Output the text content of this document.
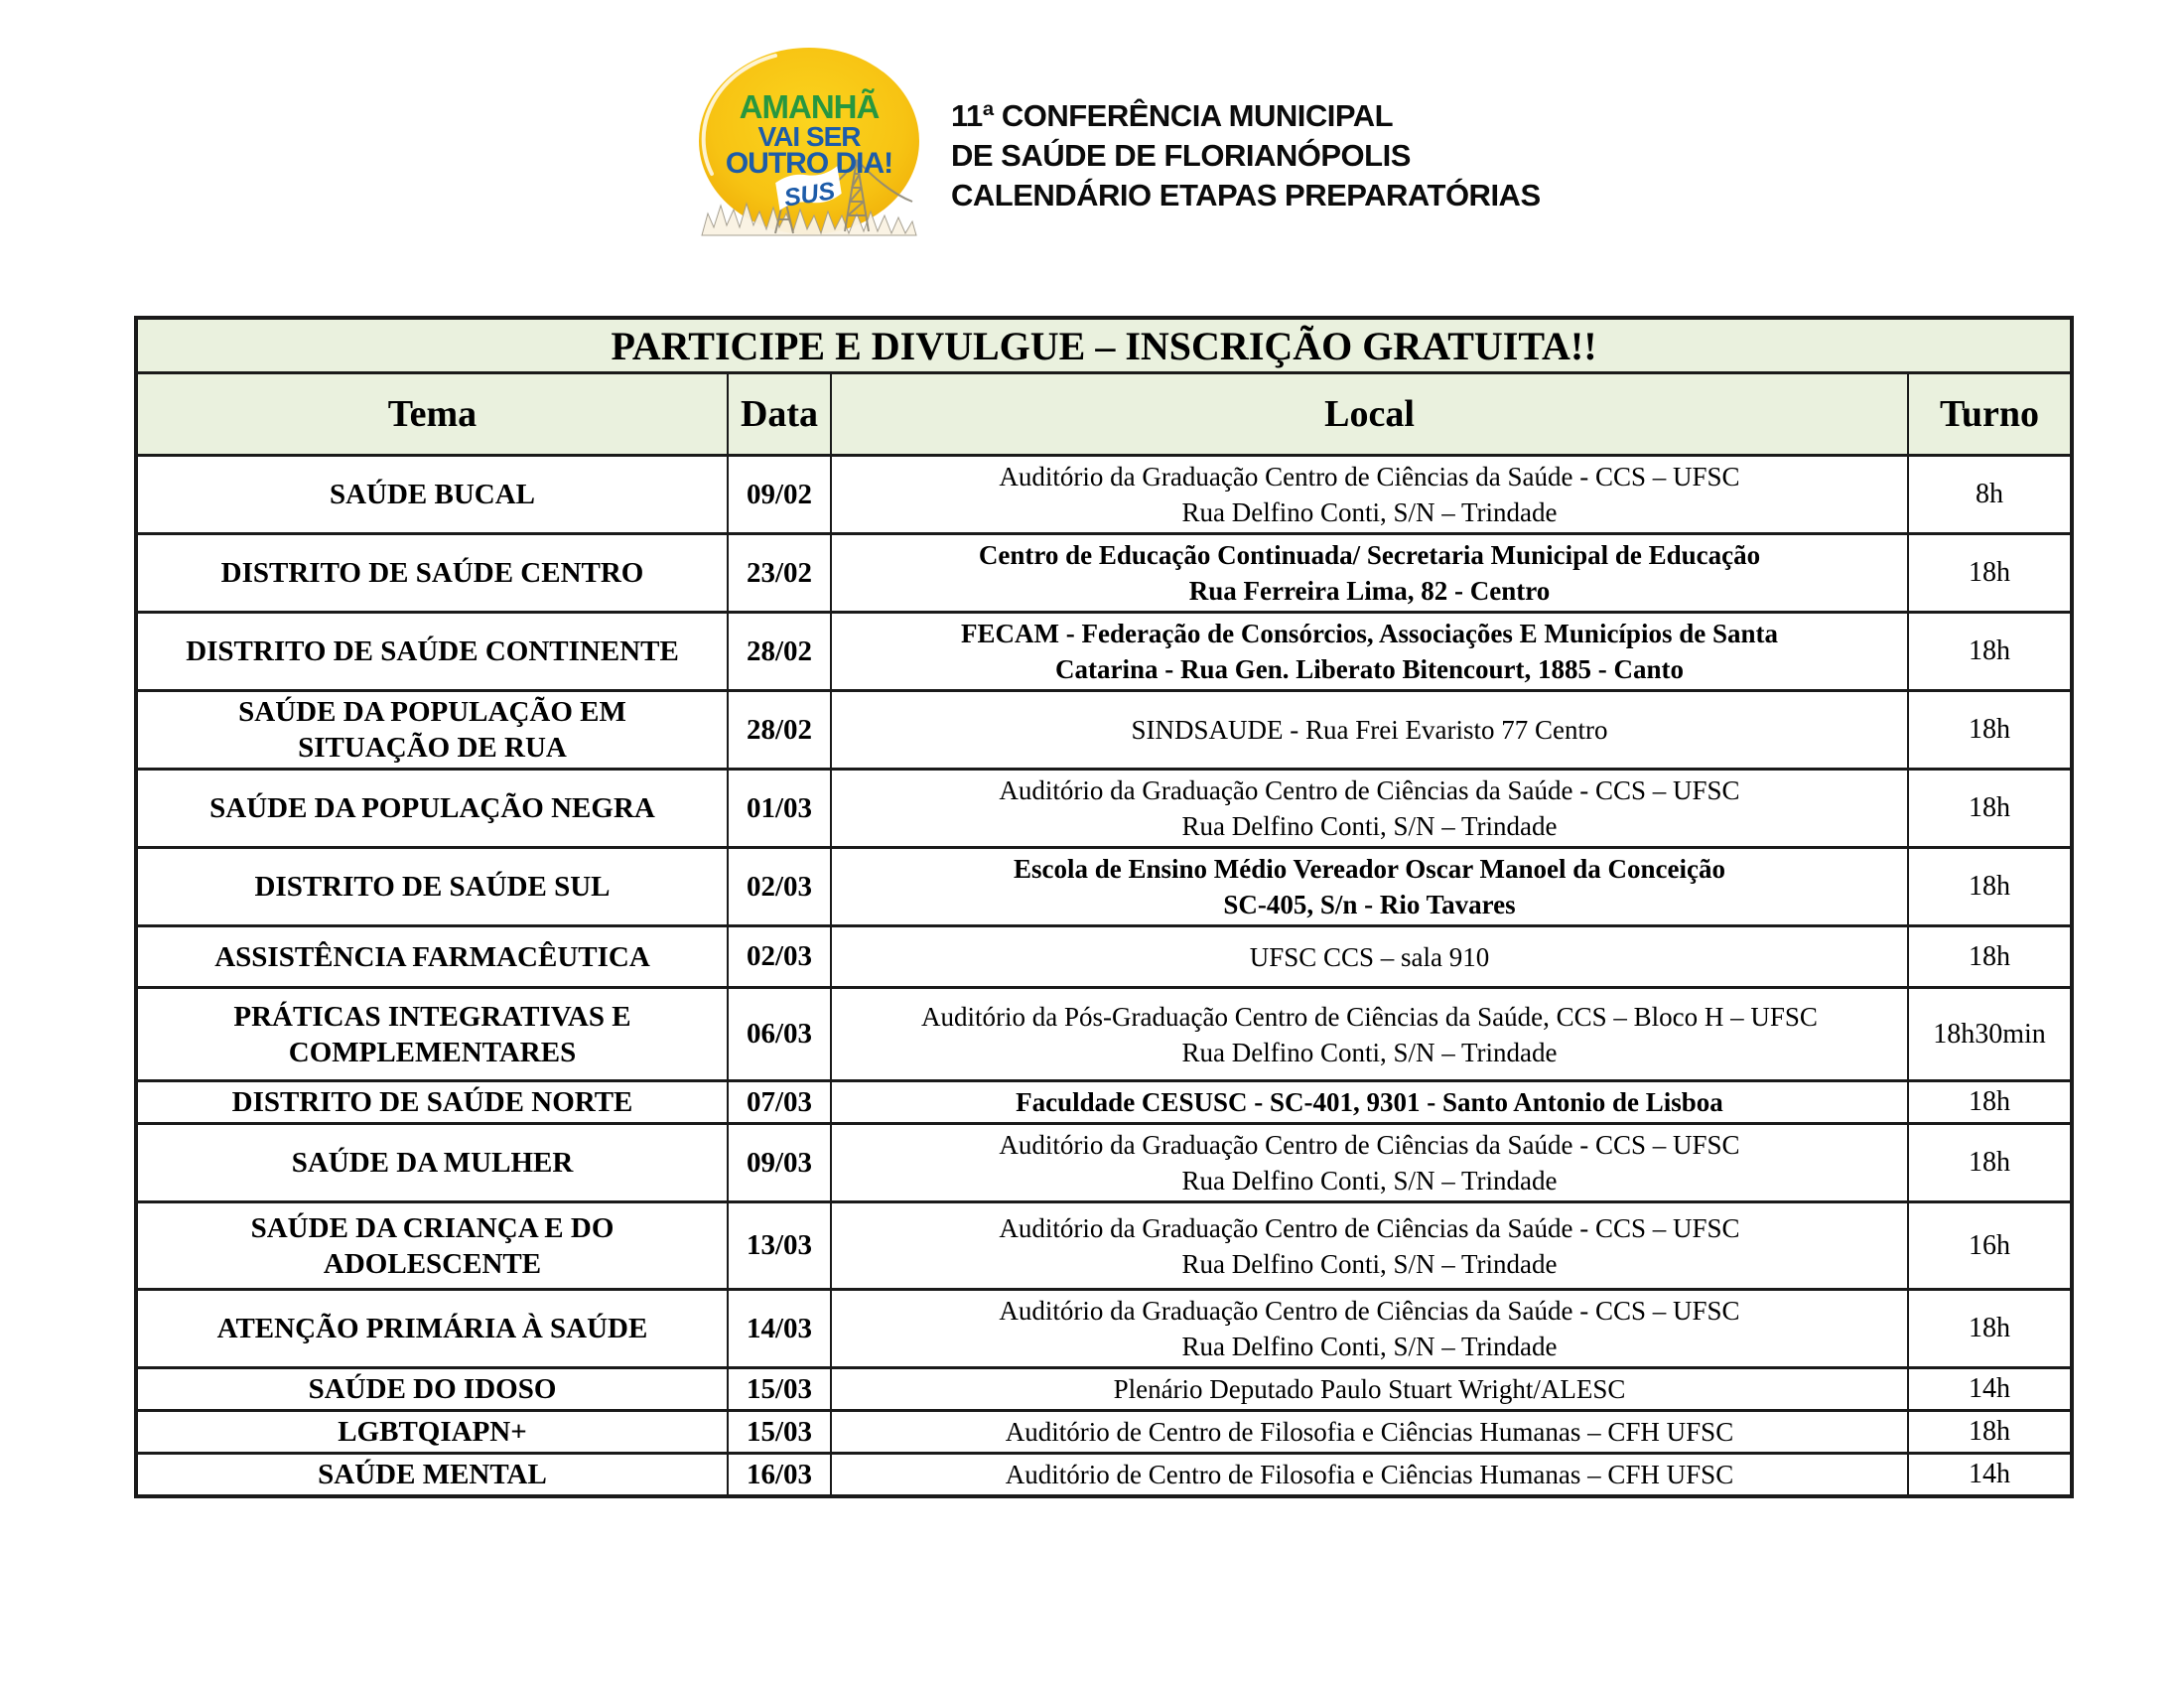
AMANHÃ
VAI SER
OUTRO DIA!
SUS
11ª CONFERÊNCIA MUNICIPAL
DE SAÚDE DE FLORIANÓPOLIS
CALENDÁRIO ETAPAS PREPARATÓRIAS
PARTICIPE E DIVULGUE – INSCRIÇÃO GRATUITA!!			
Tema	Data	Local	Turno

SAÚDE BUCAL	09/02	Auditório da Graduação Centro de Ciências da Saúde - CCS – UFSC
Rua Delfino Conti, S/N – Trindade	8h

DISTRITO DE SAÚDE CENTRO	23/02	Centro de Educação Continuada/ Secretaria Municipal de Educação
Rua Ferreira Lima, 82 - Centro	18h

DISTRITO DE SAÚDE CONTINENTE	28/02	FECAM - Federação de Consórcios, Associações E Municípios de Santa
Catarina - Rua Gen. Liberato Bitencourt, 1885 - Canto	18h

SAÚDE DA POPULAÇÃO EM
SITUAÇÃO DE RUA	28/02	SINDSAUDE - Rua Frei Evaristo 77 Centro	18h

SAÚDE DA POPULAÇÃO NEGRA	01/03	Auditório da Graduação Centro de Ciências da Saúde - CCS – UFSC
Rua Delfino Conti, S/N – Trindade	18h

DISTRITO DE SAÚDE SUL	02/03	Escola de Ensino Médio Vereador Oscar Manoel da Conceição
SC-405, S/n - Rio Tavares	18h

ASSISTÊNCIA FARMACÊUTICA	02/03	UFSC CCS – sala 910	18h

PRÁTICAS INTEGRATIVAS E
COMPLEMENTARES	06/03	Auditório da Pós-Graduação Centro de Ciências da Saúde, CCS – Bloco H – UFSC
Rua Delfino Conti, S/N – Trindade	18h30min

DISTRITO DE SAÚDE NORTE	07/03	Faculdade CESUSC - SC-401, 9301 - Santo Antonio de Lisboa	18h

SAÚDE DA MULHER	09/03	Auditório da Graduação Centro de Ciências da Saúde - CCS – UFSC
Rua Delfino Conti, S/N – Trindade	18h

SAÚDE DA CRIANÇA E DO
ADOLESCENTE	13/03	Auditório da Graduação Centro de Ciências da Saúde - CCS – UFSC
Rua Delfino Conti, S/N – Trindade	16h

ATENÇÃO PRIMÁRIA À SAÚDE	14/03	Auditório da Graduação Centro de Ciências da Saúde - CCS – UFSC
Rua Delfino Conti, S/N – Trindade	18h

SAÚDE DO IDOSO	15/03	Plenário Deputado Paulo Stuart Wright/ALESC	14h

LGBTQIAPN+	15/03	Auditório de Centro de Filosofia e Ciências Humanas – CFH UFSC	18h

SAÚDE MENTAL	16/03	Auditório de Centro de Filosofia e Ciências Humanas – CFH UFSC	14h
